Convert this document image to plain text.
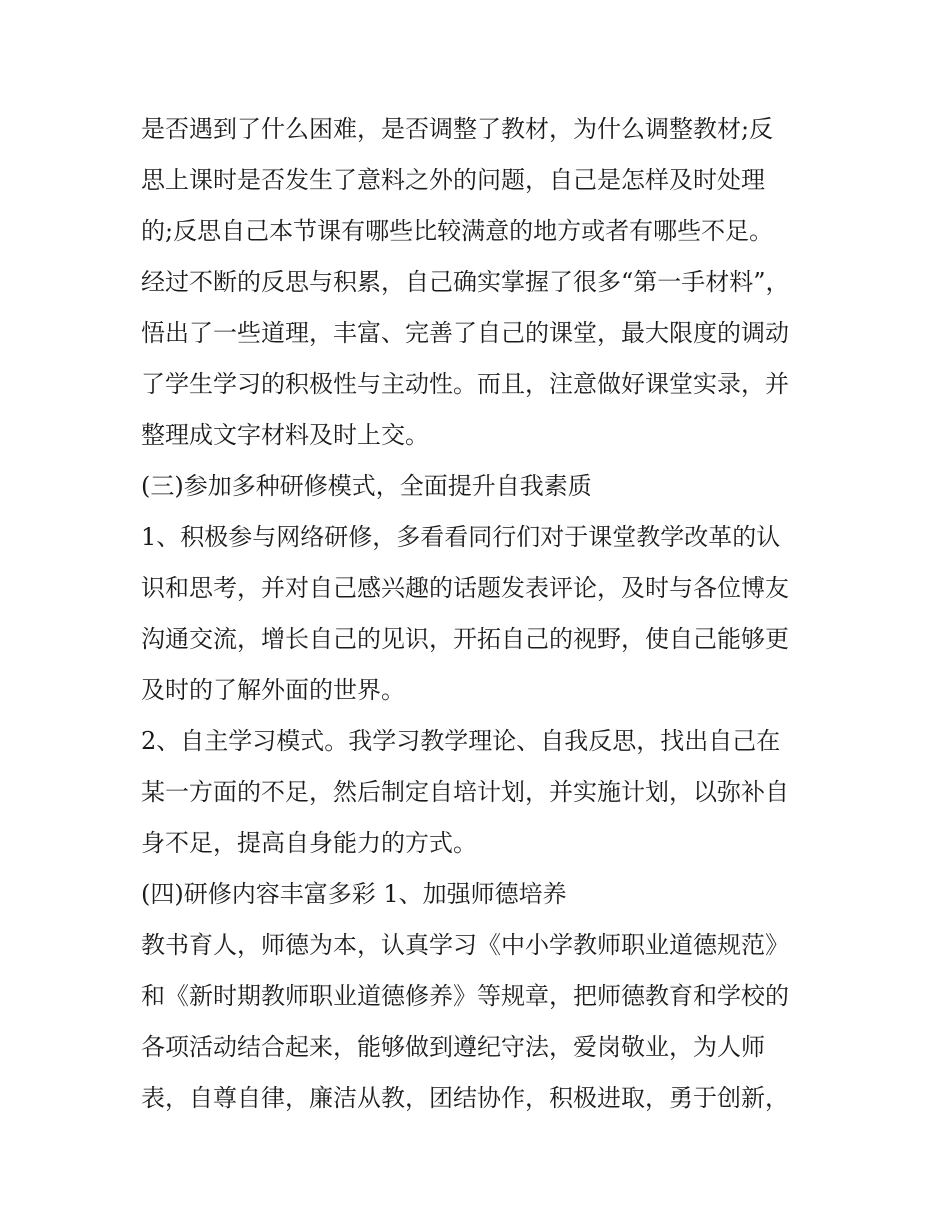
是否遇到了什么困难，是否调整了教材，为什么调整教材;反
思上课时是否发生了意料之外的问题，自己是怎样及时处理
的;反思自己本节课有哪些比较满意的地方或者有哪些不足。
经过不断的反思与积累，自己确实掌握了很多“第一手材料”，
悟出了一些道理，丰富、完善了自己的课堂，最大限度的调动
了学生学习的积极性与主动性。而且，注意做好课堂实录，并
整理成文字材料及时上交。
(三)参加多种研修模式，全面提升自我素质
1、积极参与网络研修，多看看同行们对于课堂教学改革的认
识和思考，并对自己感兴趣的话题发表评论，及时与各位博友
沟通交流，增长自己的见识，开拓自己的视野，使自己能够更
及时的了解外面的世界。
2、自主学习模式。我学习教学理论、自我反思，找出自己在
某一方面的不足，然后制定自培计划，并实施计划，以弥补自
身不足，提高自身能力的方式。
(四)研修内容丰富多彩 1、加强师德培养
教书育人，师德为本，认真学习《中小学教师职业道德规范》
和《新时期教师职业道德修养》等规章，把师德教育和学校的
各项活动结合起来，能够做到遵纪守法，爱岗敬业，为人师
表，自尊自律，廉洁从教，团结协作，积极进取，勇于创新，
